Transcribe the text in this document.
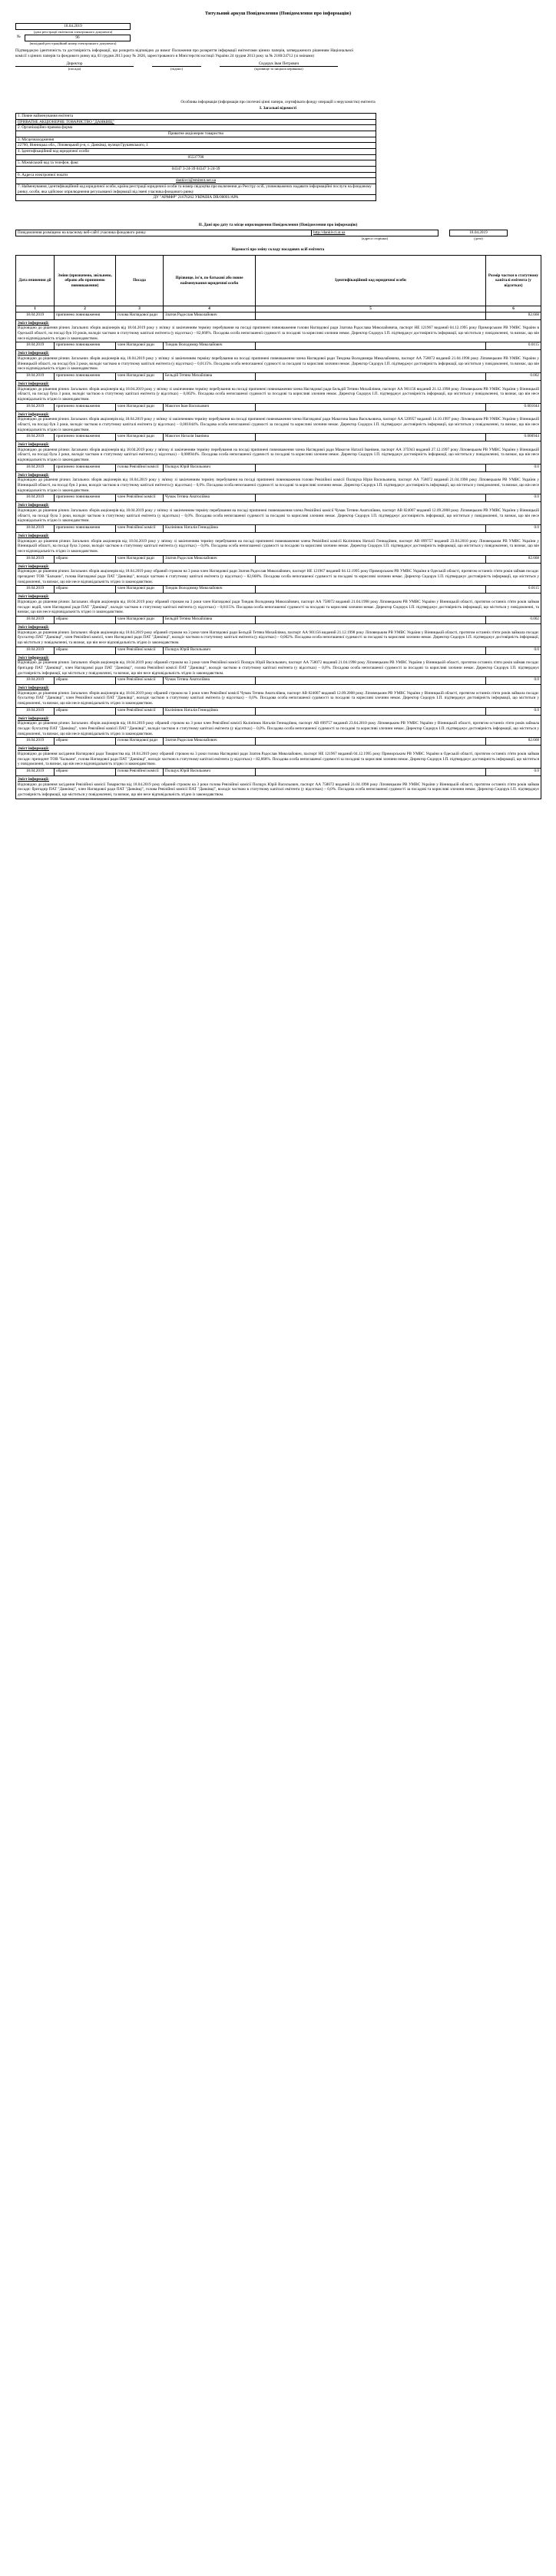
Титульний аркуш Повідомлення (Повідомлення про інформацію)
18.04.2019
(дата реєстрації емітентом електронного документа)
№	96
(вихідний реєстраційний номер електронного документа)
Підтверджую ідентичність та достовірність інформації, що розкрита відповідно до вимог Положення про розкриття інформації емітентами цінних паперів, затвердженого рішенням Національної комісії з цінних паперів та фондового ринку від 03 грудня 2013 року № 2826, зареєстрованого в Міністерстві юстиції України 24 грудня 2013 року за № 2180/24712 (зі змінами)
Директор				Сидорук Іван Петрович	
(посада)		(підпис)		(прізвище та ініціали керівника)	
Особлива інформація (інформація про іпотечні цінні папери, сертифікати фонду операцій з нерухомістю) емітента
І. Загальні відомості
1. Повне найменування емітента
ПРИВАТНЕ АКЦІОНЕРНЕ ТОВАРИСТВО "ДАНКВІЦ"
2. Організаційно-правова форма
Приватне акціонерне товариство
3. Місцезнаходження
22760, Вінницька обл., Ліповецький р-н, с. Данківці, вулиця Грушевського, 1
4. Ідентифікаційний код юридичної особи
05537700
5. Міжміський код та телефон, факс
04347 3-24-39 04347 3-24-39
6. Адреса електронної пошти
dankivci@emitent.net.ua
7. Найменування, ідентифікаційний код юридичної особи, країна реєстрації юридичної особи та номер свідоцтва про включення до Реєстру осіб, уповноважених надавати інформаційні послуги на фондовому ринку, особи, яка здійснює оприлюднення регульованої інформації від імені учасника фондового ринку
ДУ "АРМФР" 21676262 УКРАЇНА DR/00001/APA
ІІ. Дані про дату та місце оприлюднення Повідомлення (Повідомлення про інформацію)
Повідомлення розміщено на власному веб-сайті учасника фондового ринку	http://dankivci.at.ua		18.04.2019	
	(адреса сторінки)		(дата)	
Відомості про зміну складу посадових осіб емітента
Дата вчинення дії	Зміни (призначено, звільнено, обрано або припинено повноваження)	Посада	Прізвище, ім'я, по батькові або повне найменування юридичної особи	Ідентифікаційний код юридичної особи	Розмір частки в статутному капіталі емітента (у відсотках)
1	2	3	4	5	6
18.04.2019	припинено повноваження	голова Наглядової ради	Златов Радослав Миколайович		82.668

Зміст інформації:
Відповідно до рішення річних Загальних зборів акціонерів від 18.04.2019 року у зв'язку зі закінченням терміну перебування на посаді припинені повноваження голови Наглядової ради Златова Радослава Миколайовича, паспорт НЕ 121967 виданий 04.12.1995 року Приморським РВ УМВС України в Одеській області, на посаді був 10 років, володіє часткою в статутному капіталі емітента (у відсотках) – 82,668%. Посадова особа непогашеної судимості за посадові та корисливі злочини немає. Директор Сидорук І.П. підтверджує достовірність інформації, що міститься у повідомленні, та визнає, що він несе відповідальність згідно із законодавством.					

18.04.2019	припинено повноваження	член Наглядової ради	Тиндик Володимир Миколайович		0.0115

Зміст інформації:
Відповідно до рішення річних Загальних зборів акціонерів від 18.04.2019 року у зв'язку зі закінченням терміну перебування на посаді припинені повноваження члена Наглядової ради Тиндика Володимира Миколайовича, паспорт АА 758072 виданий 21.04.1998 року Ліповецьким РВ УМВС України у Вінницькій області, на посаді був 3 роки, володіє часткою в статутному капіталі емітента (у відсотках) – 0,0115%. Посадова особа непогашеної судимості за посадові та корисливі злочини немає. Директор Сидорук І.П. підтверджує достовірність інформації, що міститься у повідомленні, та визнає, що він несе відповідальність згідно із законодавством.					

18.04.2019	припинено повноваження	член Наглядової ради	Бельдій Тетяна Михайлівна		0.002

Зміст інформації:
Відповідно до рішення річних Загальних зборів акціонерів від 18.04.2019 року у зв'язку зі закінченням терміну перебування на посаді припинені повноваження члена Наглядової ради Бельдій Тетяни Михайлівни, паспорт АА 901156 виданий 21.12.1998 року Ліповецьким РВ УМВС України у Вінницькій області, на посаді була 3 роки, володіє часткою в статутному капіталі емітента (у відсотках) – 0,002%. Посадова особа непогашеної судимості за посадові та корисливі злочини немає. Директор Сидорук І.П. підтверджує достовірність інформації, що міститься у повідомленні, та визнає, що він несе відповідальність згідно із законодавством.					

18.04.2019	припинено повноваження	член Наглядової ради	Макогон Іван Васильович		0.001044

Зміст інформації:
Відповідно до рішення річних Загальних зборів акціонерів від 18.04.2019 року у зв'язку зі закінченням терміну перебування на посаді припинені повноваження члена Наглядової ради Макогона Івана Васильовича, паспорт АА 539957 виданий 14.10.1997 року Ліповецьким РВ УМВС України у Вінницькій області, на посаді був 3 роки, володіє часткою в статутному капіталі емітента (у відсотках) – 0,001044%. Посадова особа непогашеної судимості за посадові та корисливі злочини немає. Директор Сидорук І.П. підтверджує достовірність інформації, що міститься у повідомленні, та визнає, що він несе відповідальність згідно із законодавством.					

18.04.2019	припинено повноваження	член Наглядової ради	Макогон Наталія Іванівна		0.000944

Зміст інформації:
Відповідно до рішення річних Загальних зборів акціонерів від 18.04.2019 року у зв'язку зі закінченням терміну перебування на посаді припинені повноваження члена Наглядової ради Макогон Наталії Іванівни, паспорт АА 375943 виданий 27.12.1997 року Ліповецьким РВ УМВС України у Вінницькій області, на посаді була 3 роки, володіє часткою в статутному капіталі емітента (у відсотках) – 0,000944%. Посадова особа непогашеної судимості за посадові та корисливі злочини немає. Директор Сидорук І.П. підтверджує достовірність інформації, що міститься у повідомленні, та визнає, що він несе відповідальність згідно із законодавством.					

18.04.2019	припинено повноваження	голова Ревізійної комісії	Полщук Юрій Васильович		0.0

Зміст інформації:
Відповідно до рішення річних Загальних зборів акціонерів від 18.04.2019 року у зв'язку зі закінченням терміну перебування на посаді припинені повноваження голови Ревізійної комісії Полщука Юрія Васильовича, паспорт АА 758072 виданий 21.04.1998 року Ліповецьким РВ УМВС України у Вінницькій області, на посаді був 3 роки, володіє часткою в статутному капіталі емітента (у відсотках) – 0,0%. Посадова особа непогашеної судимості за посадові та корисливі злочини немає. Директор Сидорук І.П. підтверджує достовірність інформації, що міститься у повідомленні, та визнає, що він несе відповідальність згідно із законодавством.					

18.04.2019	припинено повноваження	член Ревізійної комісії	Чумак Тетяна Анатоліївна		0.0

Зміст інформації:
Відповідно до рішення річних Загальних зборів акціонерів від 18.04.2019 року у зв'язку зі закінченням терміну перебування на посаді припинені повноваження члена Ревізійної комісії Чумак Тетяни Анатоліївни, паспорт АВ 824007 виданий 12.09.2008 року Ліповецьким РВ УМВС України у Вінницькій області, на посаді була 3 роки, володіє часткою в статутному капіталі емітента (у відсотках) – 0,0%. Посадова особа непогашеної судимості за посадові та корисливі злочини немає. Директор Сидорук І.П. підтверджує достовірність інформації, що міститься у повідомленні, та визнає, що він несе відповідальність згідно із законодавством.					

18.04.2019	припинено повноваження	член Ревізійної комісії	Кклінінюк Наталія Геннадіївна		0.0

Зміст інформації:
Відповідно до рішення річних Загальних зборів акціонерів від 18.04.2019 року у зв'язку зі закінченням терміну перебування на посаді припинені повноваження члена Ревізійної комісії Кклінінюк Наталії Геннадіївни, паспорт АВ 899757 виданий 23.04.2010 року Ліповецьким РВ УМВС України у Вінницькій області, на посаді була 3 роки, володіє часткою в статутному капіталі емітента (у відсотках) – 0,0%. Посадова особа непогашеної судимості за посадові та корисливі злочини немає. Директор Сидорук І.П. підтверджує достовірність інформації, що міститься у повідомленні, та визнає, що він несе відповідальність згідно із законодавством.					

18.04.2019	обрано	член Наглядової ради	Златов Радослав Миколайович		82.668

Зміст інформації:
Відповідно до рішення річних Загальних зборів акціонерів від 18.04.2019 року обраний строком на 3 роки член Наглядової ради Златов Радослав Миколайович, паспорт НЕ 121967 виданий 04.12.1995 року Приморським РВ УМВС України в Одеській області, протягом останніх п'яти років займав посади: президент ТОВ "Балкани", голова Наглядової ради ПАТ "Данківці", володіє часткою в статутному капіталі емітента (у відсотках) – 82,668%. Посадова особа непогашеної судимості за посадові та корисливі злочини немає. Директор Сидорук І.П. підтверджує достовірність інформації, що міститься у повідомленні, та визнає, що він несе відповідальність згідно із законодавством.					

18.04.2019	обрано	член Наглядової ради	Тиндик Володимир Миколайович		0.0115

Зміст інформації:
Відповідно до рішення річних Загальних зборів акціонерів від 18.04.2019 року обраний строком на 3 роки член Наглядової ради Тиндик Володимир Миколайович, паспорт АА 758072 виданий 21.04.1998 року Ліповецьким РВ УМВС України у Вінницькій області, протягом останніх п'яти років займав посади: водій, член Наглядової ради ПАТ "Данківці", володіє часткою в статутному капіталі емітента (у відсотках) – 0,0115%. Посадова особа непогашеної судимості за посадові та корисливі злочини немає. Директор Сидорук І.П. підтверджує достовірність інформації, що міститься у повідомленні, та визнає, що він несе відповідальність згідно із законодавством.					

18.04.2019	обрано	член Наглядової ради	Бельдій Тетяна Михайлівна		0.002

Зміст інформації:
Відповідно до рішення річних Загальних зборів акціонерів від 18.04.2019 року обраний строком на 3 роки член Наглядової ради Бельдій Тетяна Михайлівна, паспорт АА 901156 виданий 21.12.1998 року Ліповецьким РВ УМВС України у Вінницькій області, протягом останніх п'яти років займала посади: бухгалтер ПАТ "Данківці", член Ревізійної комісії, член Наглядової ради ПАТ "Данківці", володіє часткою в статутному капіталі емітента (у відсотках) – 0,002%. Посадова особа непогашеної судимості за посадові та корисливі злочини немає. Директор Сидорук І.П. підтверджує достовірність інформації, що міститься у повідомленні, та визнає, що він несе відповідальність згідно із законодавством.					

18.04.2019	обрано	член Ревізійної комісії	Полщук Юрій Васильович		0.0

Зміст інформації:
Відповідно до рішення річних Загальних зборів акціонерів від 18.04.2019 року обраний строком на 3 роки член Ревізійної комісії Полщук Юрій Васильович, паспорт АА 758072 виданий 21.04.1998 року Ліповецьким РВ УМВС України у Вінницькій області, протягом останніх п'яти років займав посади: бригадир ПАТ "Данківці", член Наглядової ради ПАТ "Данківці", голова Ревізійної комісії ПАТ "Данківці", володіє часткою в статутному капіталі емітента (у відсотках) – 0,0%. Посадова особа непогашеної судимості за посадові та корисливі злочини немає. Директор Сидорук І.П. підтверджує достовірність інформації, що міститься у повідомленні, та визнає, що він несе відповідальність згідно із законодавством.					

18.04.2019	обрано	член Ревізійної комісії	Чумак Тетяна Анатоліївна		0.0

Зміст інформації:
Відповідно до рішення річних Загальних зборів акціонерів від 18.04.2019 року обраний строком на 3 роки член Ревізійної комісії Чумак Тетяна Анатоліївна, паспорт АВ 824007 виданий 12.09.2008 року Ліповецьким РВ УМВС України у Вінницькій області, протягом останніх п'яти років займала посади: бухгалтер ПАТ "Данківці", член Ревізійної комісії ПАТ "Данківці", володіє часткою в статутному капіталі емітента (у відсотках) – 0,0%. Посадова особа непогашеної судимості за посадові та корисливі злочини немає. Директор Сидорук І.П. підтверджує достовірність інформації, що міститься у повідомленні, та визнає, що він несе відповідальність згідно із законодавством.					

18.04.2019	обрано	член Ревізійної комісії	Кклінінюк Наталія Геннадіївна		0.0

Зміст інформації:
Відповідно до рішення річних Загальних зборів акціонерів від 18.04.2019 року обраний строком на 3 роки член Ревізійної комісії Кклінінюк Наталія Геннадіївна, паспорт АВ 899757 виданий 23.04.2010 року Ліповецьким РВ УМВС України у Вінницькій області, протягом останніх п'яти років займала посади: бухгалтер ПАТ "Данківці", член Ревізійної комісії ПАТ "Данківці", володіє часткою в статутному капіталі емітента (у відсотках) – 0,0%. Посадова особа непогашеної судимості за посадові та корисливі злочини немає. Директор Сидорук І.П. підтверджує достовірність інформації, що міститься у повідомленні, та визнає, що він несе відповідальність згідно із законодавством.					

18.04.2019	обрано	голова Наглядової ради	Златов Радослав Миколайович		82.668

Зміст інформації:
Відповідно до рішення засідання Наглядової ради Товариства від 18.04.2019 року обраний строком на 3 роки голова Наглядової ради Златов Радослав Миколайович, паспорт НЕ 121967 виданий 04.12.1995 року Приморським РВ УМВС України в Одеській області, протягом останніх п'яти років займав посади: президент ТОВ "Балкани", голова Наглядової ради ПАТ "Данківці", володіє часткою в статутному капіталі емітента (у відсотках) – 82,668%. Посадова особа непогашеної судимості за посадові та корисливі злочини немає. Директор Сидорук І.П. підтверджує достовірність інформації, що міститься у повідомленні, та визнає, що він несе відповідальність згідно із законодавством.					

18.04.2019	обрано	голова Ревізійної комісії	Полщук Юрій Васильович		0.0

Зміст інформації:
Відповідно до рішення засідання Ревізійної комісії Товариства від 18.04.2019 року обраний строком на 3 роки голова Ревізійної комісії Полщук Юрій Васильович, паспорт АА 758072 виданий 21.04.1998 року Ліповецьким РВ УМВС України у Вінницькій області, протягом останніх п'яти років займав посади: бригадир ПАТ "Данківці", член Наглядової ради ПАТ "Данківці", голова Ревізійної комісії ПАТ "Данківці", володіє часткою в статутному капіталі емітента (у відсотках) – 0,0%. Посадова особа непогашеної судимості за посадові та корисливі злочини немає. Директор Сидорук І.П. підтверджує достовірність інформації, що міститься у повідомленні, та визнає, що він несе відповідальність згідно із законодавством.					
